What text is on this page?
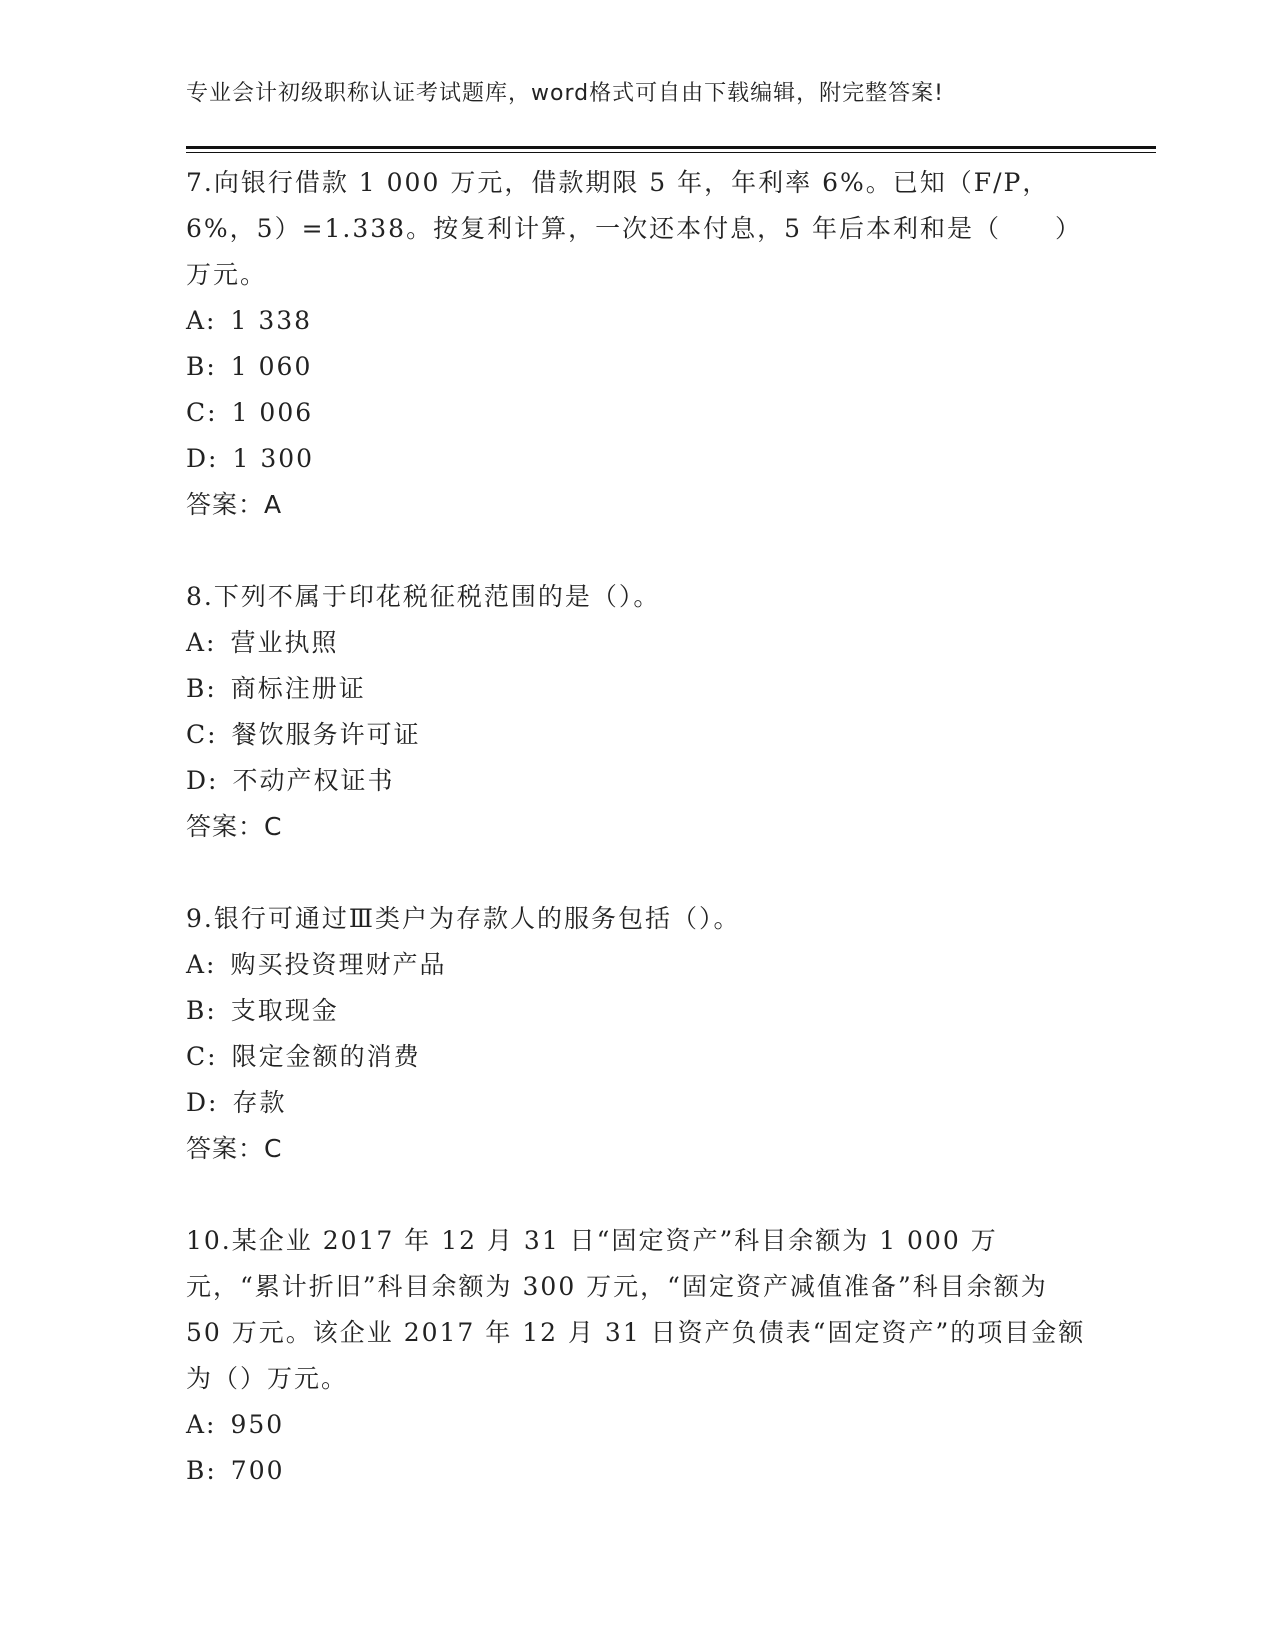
专业会计初级职称认证考试题库，word格式可自由下载编辑，附完整答案!

7.向银行借款 1 000 万元，借款期限 5 年，年利率 6%。已知（F/P，6%，5）=1.338。按复利计算，一次还本付息，5 年后本利和是（　　）万元。

A: 1 338

B: 1 060

C: 1 006

D: 1 300

答案：A

8.下列不属于印花税征税范围的是（）。

A: 营业执照

B: 商标注册证

C: 餐饮服务许可证

D: 不动产权证书

答案：C

9.银行可通过Ⅲ类户为存款人的服务包括（）。

A: 购买投资理财产品

B: 支取现金

C: 限定金额的消费

D: 存款

答案：C

10.某企业 2017 年 12 月 31 日“固定资产”科目余额为 1 000 万元，“累计折旧”科目余额为 300 万元，“固定资产减值准备”科目余额为 50 万元。该企业 2017 年 12 月 31 日资产负债表“固定资产”的项目金额为（）万元。

A: 950

B: 700
